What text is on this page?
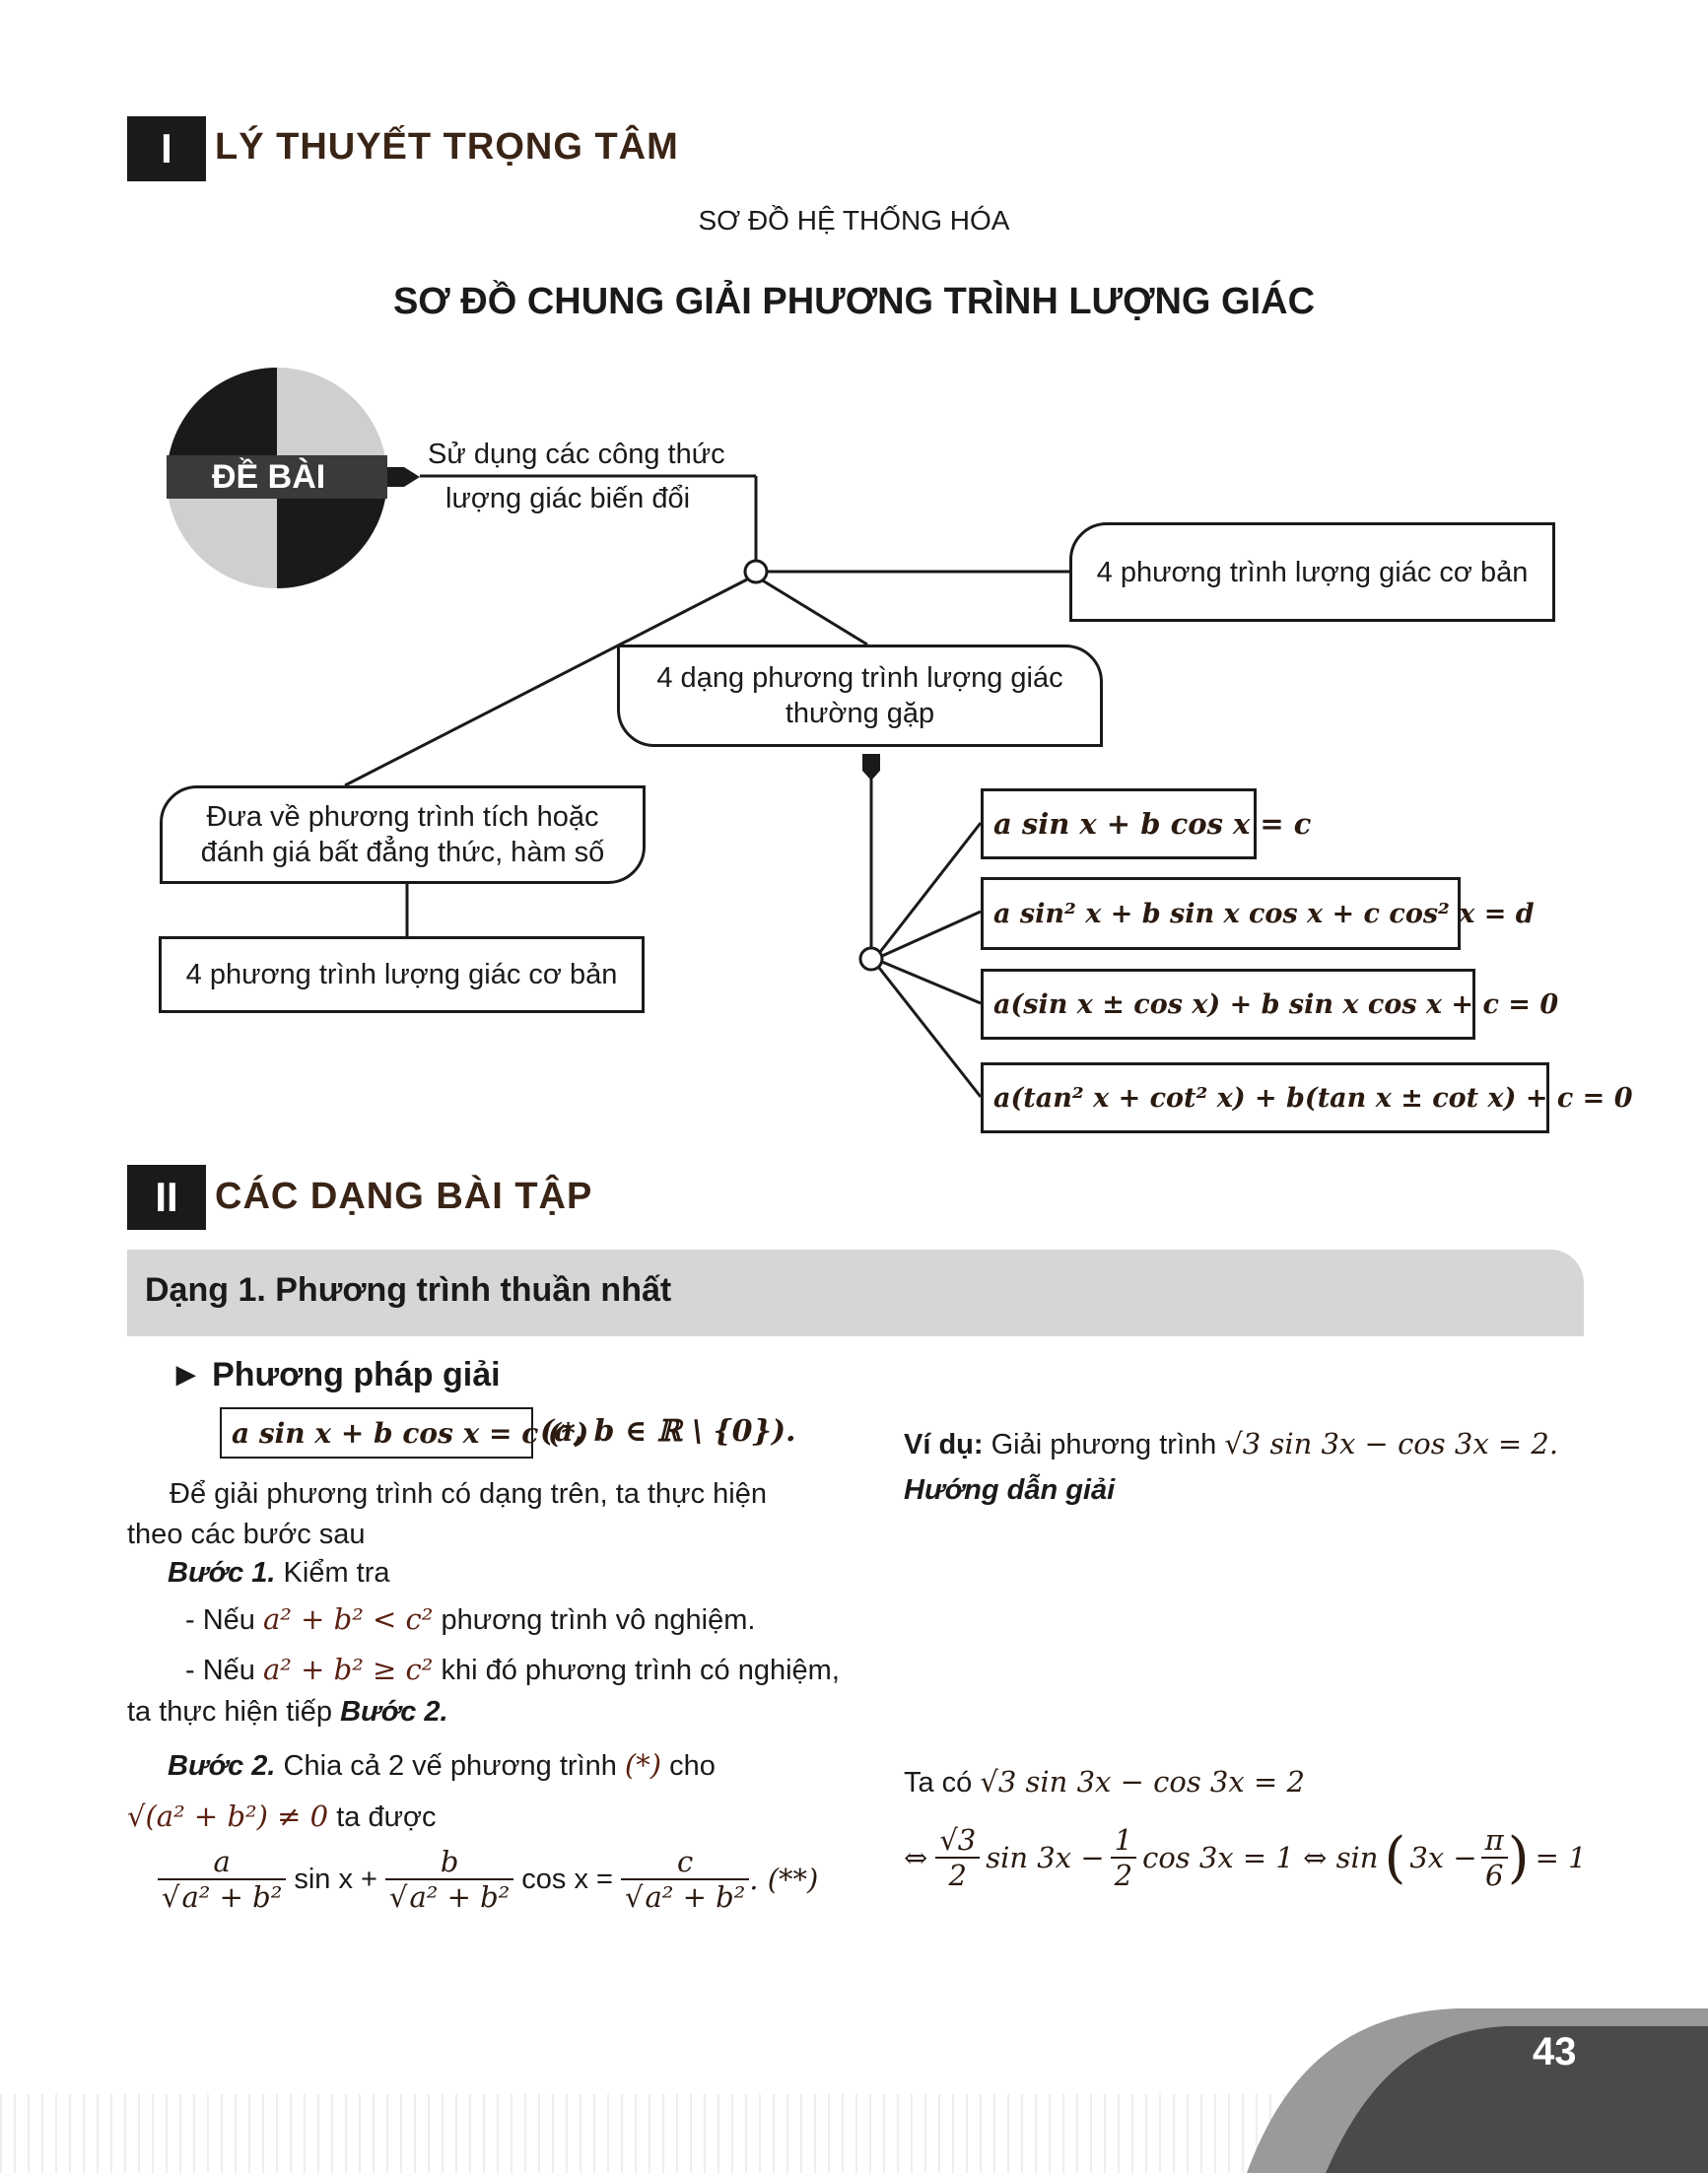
I	LÝ THUYẾT TRỌNG TÂM
SƠ ĐỒ HỆ THỐNG HÓA
SƠ ĐỒ CHUNG GIẢI PHƯƠNG TRÌNH LƯỢNG GIÁC
ĐỀ BÀI
Sử dụng các công thức
lượng giác biến đổi
4 phương trình lượng giác cơ bản
4 dạng phương trình lượng giác
thường gặp
Đưa về phương trình tích hoặc
đánh giá bất đẳng thức, hàm số
4 phương trình lượng giác cơ bản
a sin x + b cos x = c
a sin² x + b sin x cos x + c cos² x = d
a(sin x ± cos x) + b sin x cos x + c = 0
a(tan² x + cot² x) + b(tan x ± cot x) + c = 0
II CÁC DẠNG BÀI TẬP
Dạng 1. Phương trình thuần nhất
► Phương pháp giải
a sin x + b cos x = c (*)
(a, b ∈ ℝ \ {0}).
Để giải phương trình có dạng trên, ta thực hiện
theo các bước sau
Bước 1. Kiểm tra
- Nếu a² + b² < c² phương trình vô nghiệm.
- Nếu a² + b² ≥ c² khi đó phương trình có nghiệm,
ta thực hiện tiếp Bước 2.
Bước 2. Chia cả 2 vế phương trình (*) cho
√(a² + b²) ≠ 0 ta được
$\frac{a}{\text{√a² + b²}}$ $\sin x + \frac{b}{\text{√a² + b²}}$ $\cos x = \frac{c}{\text{√a² + b²}}$ . (**)
Ví dụ: Giải phương trình √3 sin 3x − cos 3x = 2.
Hướng dẫn giải
Ta có √3 sin 3x − cos 3x = 2
⇔ $\frac{√3}{2}$ $\sin 3x - \frac{1}{2}$ cos 3x = 1 ⇔ sin ( $3x - \frac{\pi}{6}$ ) = 1
43
